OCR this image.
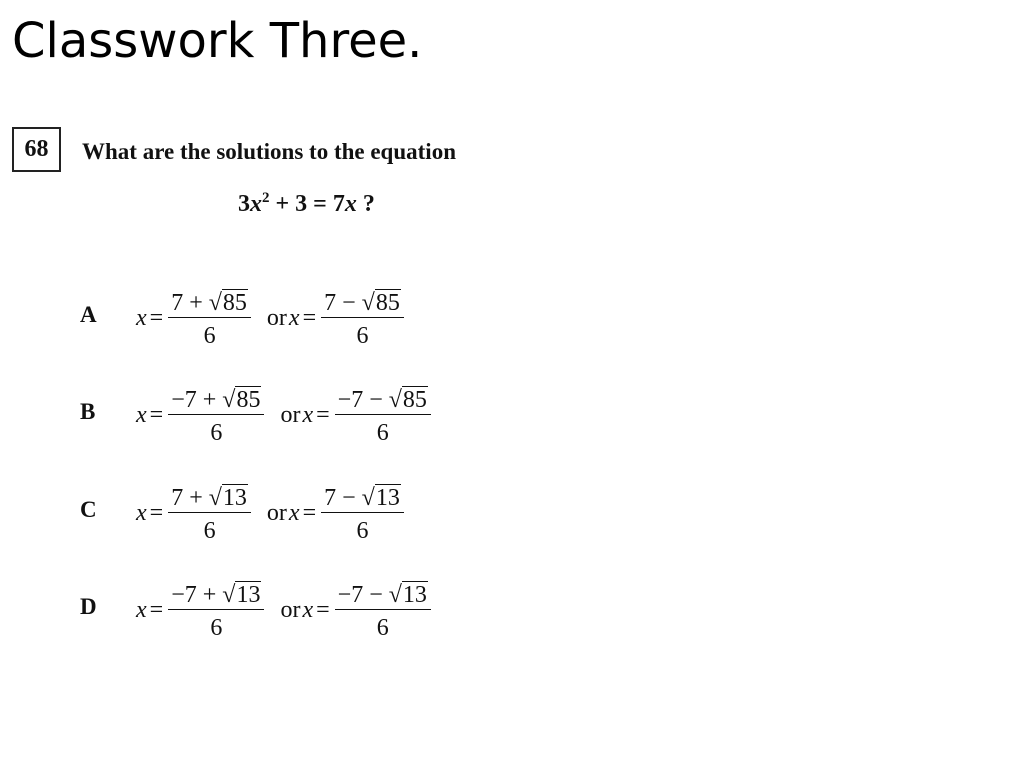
Classwork Three.
68	What are the solutions to the equation
$3x^2 + 3 = 7x$ ?
A $x = \frac{7 + √85}{6}$ or $x = \frac{7 - √85}{6}$
B $x = \frac{-7 + √85}{6}$ or $x = \frac{-7 - √85}{6}$
C $x = \frac{7 + √13}{6}$ or $x = \frac{7 - √13}{6}$
D $x = \frac{-7 + √13}{6}$ or $x = \frac{-7 - √13}{6}$
